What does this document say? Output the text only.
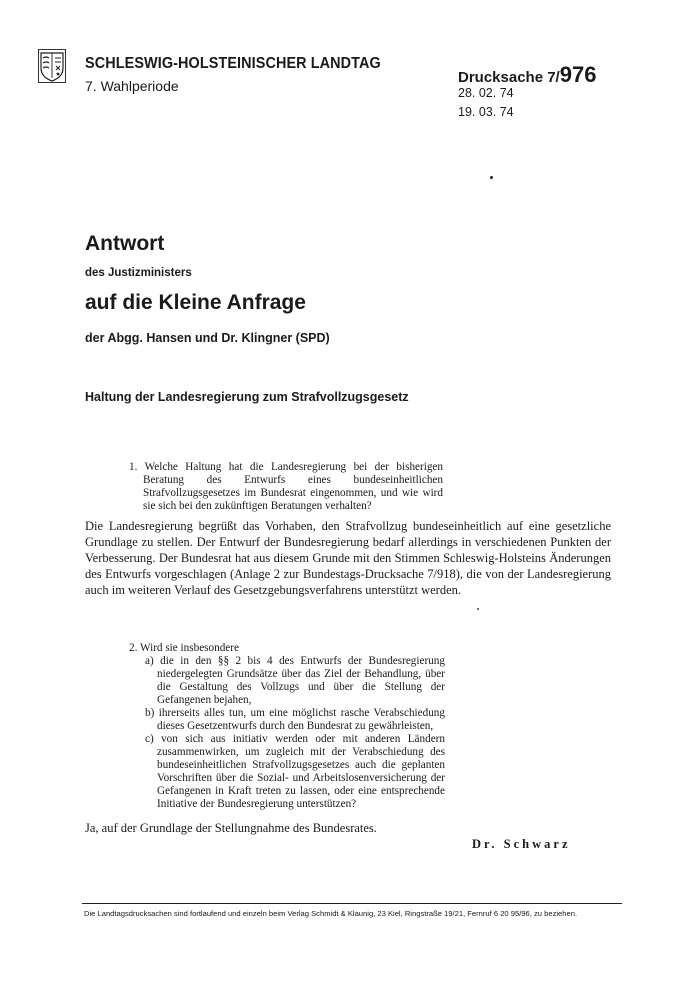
SCHLESWIG-HOLSTEINISCHER LANDTAG
7. Wahlperiode	Drucksache 7/976
28. 02. 74
19. 03. 74
Antwort
des Justizministers
auf die Kleine Anfrage
der Abgg. Hansen und Dr. Klingner (SPD)
Haltung der Landesregierung zum Strafvollzugsgesetz
1. Welche Haltung hat die Landesregierung bei der bisherigen Beratung des Entwurfs eines bundeseinheitlichen Strafvollzugsgesetzes im Bundesrat eingenommen, und wie wird sie sich bei den zukünftigen Beratungen verhalten?
Die Landesregierung begrüßt das Vorhaben, den Strafvollzug bundeseinheitlich auf eine gesetzliche Grundlage zu stellen. Der Entwurf der Bundesregierung bedarf allerdings in verschiedenen Punkten der Verbesserung. Der Bundesrat hat aus diesem Grunde mit den Stimmen Schleswig-Holsteins Änderungen des Entwurfs vorgeschlagen (Anlage 2 zur Bundestags-Drucksache 7/918), die von der Landesregierung auch im weiteren Verlauf des Gesetzgebungsverfahrens unterstützt werden.
2. Wird sie insbesondere
a) die in den §§ 2 bis 4 des Entwurfs der Bundesregierung niedergelegten Grundsätze über das Ziel der Behandlung, über die Gestaltung des Vollzugs und über die Stellung der Gefangenen bejahen,
b) ihrerseits alles tun, um eine möglichst rasche Verabschiedung dieses Gesetzentwurfs durch den Bundesrat zu gewährleisten,
c) von sich aus initiativ werden oder mit anderen Ländern zusammenwirken, um zugleich mit der Verabschiedung des bundeseinheitlichen Strafvollzugsgesetzes auch die geplanten Vorschriften über die Sozial- und Arbeitslosenversicherung der Gefangenen in Kraft treten zu lassen, oder eine entsprechende Initiative der Bundesregierung unterstützen?
Ja, auf der Grundlage der Stellungnahme des Bundesrates.
Dr. Schwarz
Die Landtagsdrucksachen sind fortlaufend und einzeln beim Verlag Schmidt & Klaunig, 23 Kiel, Ringstraße 19/21, Fernruf 6 20 95/96, zu beziehen.
